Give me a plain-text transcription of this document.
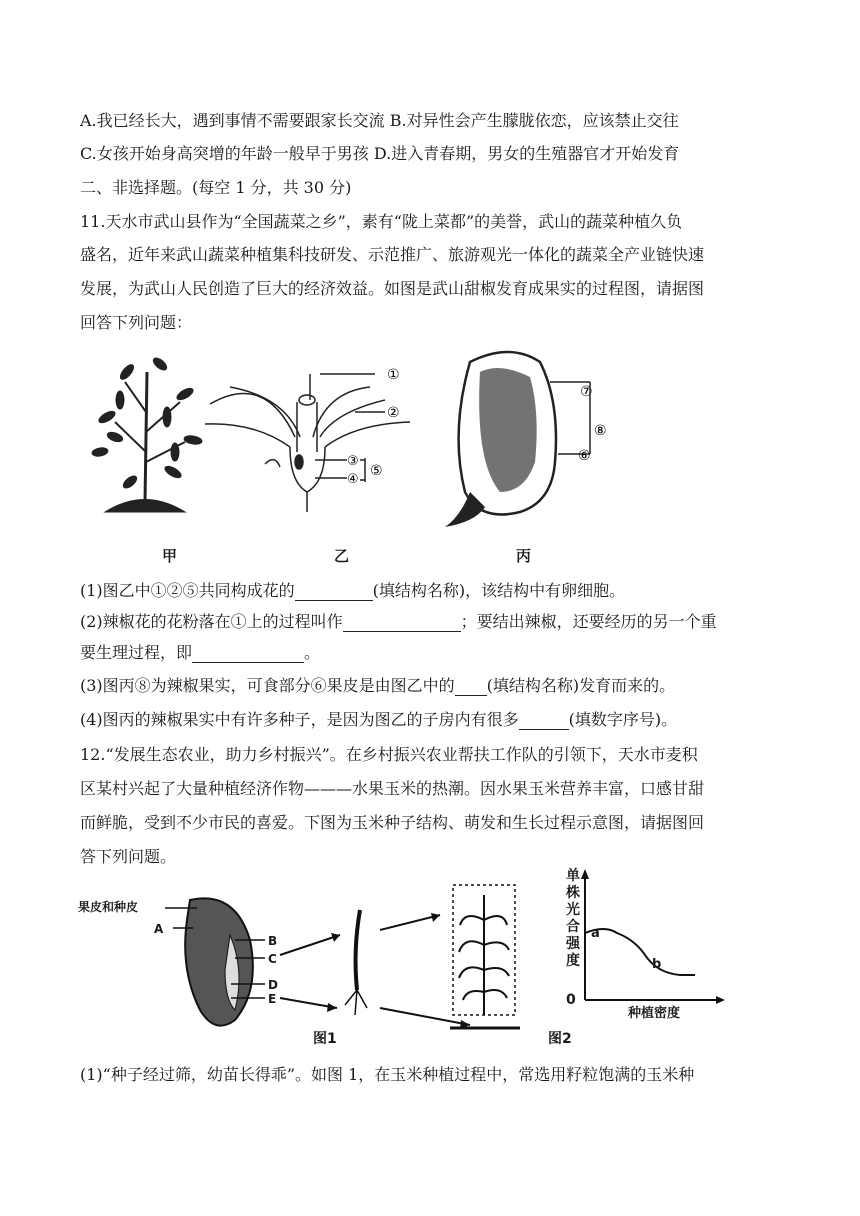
A.我已经长大，遇到事情不需要跟家长交流 B.对异性会产生朦胧依恋，应该禁止交往
C.女孩开始身高突增的年龄一般早于男孩 D.进入青春期，男女的生殖器官才开始发育
二、非选择题。(每空 1 分，共 30 分)
11.天水市武山县作为“全国蔬菜之乡”，素有“陇上菜都”的美誉，武山的蔬菜种植久负
盛名，近年来武山蔬菜种植集科技研发、示范推广、旅游观光一体化的蔬菜全产业链快速
发展，为武山人民创造了巨大的经济效益。如图是武山甜椒发育成果实的过程图，请据图
回答下列问题：
①
②
③
④
⑤
⑦
⑧
⑥
甲	乙	丙
(1)图乙中①②⑤共同构成花的	(填结构名称)，该结构中有卵细胞。
(2)辣椒花的花粉落在①上的过程叫作	；要结出辣椒，还要经历的另一个重
要生理过程，即	。
(3)图丙⑧为辣椒果实，可食部分⑥果皮是由图乙中的 (填结构名称)发育而来的。
(4)图丙的辣椒果实中有许多种子，是因为图乙的子房内有很多	(填数字序号)。
12.“发展生态农业，助力乡村振兴”。在乡村振兴农业帮扶工作队的引领下，天水市麦积
区某村兴起了大量种植经济作物———水果玉米的热潮。因水果玉米营养丰富，口感甘甜
而鲜脆，受到不少市民的喜爱。下图为玉米种子结构、萌发和生长过程示意图，请据图回
答下列问题。
果皮和种皮
A
B
C
D
E
图1
单
株
光
合
强
度
a
b
0
种植密度
图2
(1)“种子经过筛，幼苗长得乖”。如图 1，在玉米种植过程中，常选用籽粒饱满的玉米种
